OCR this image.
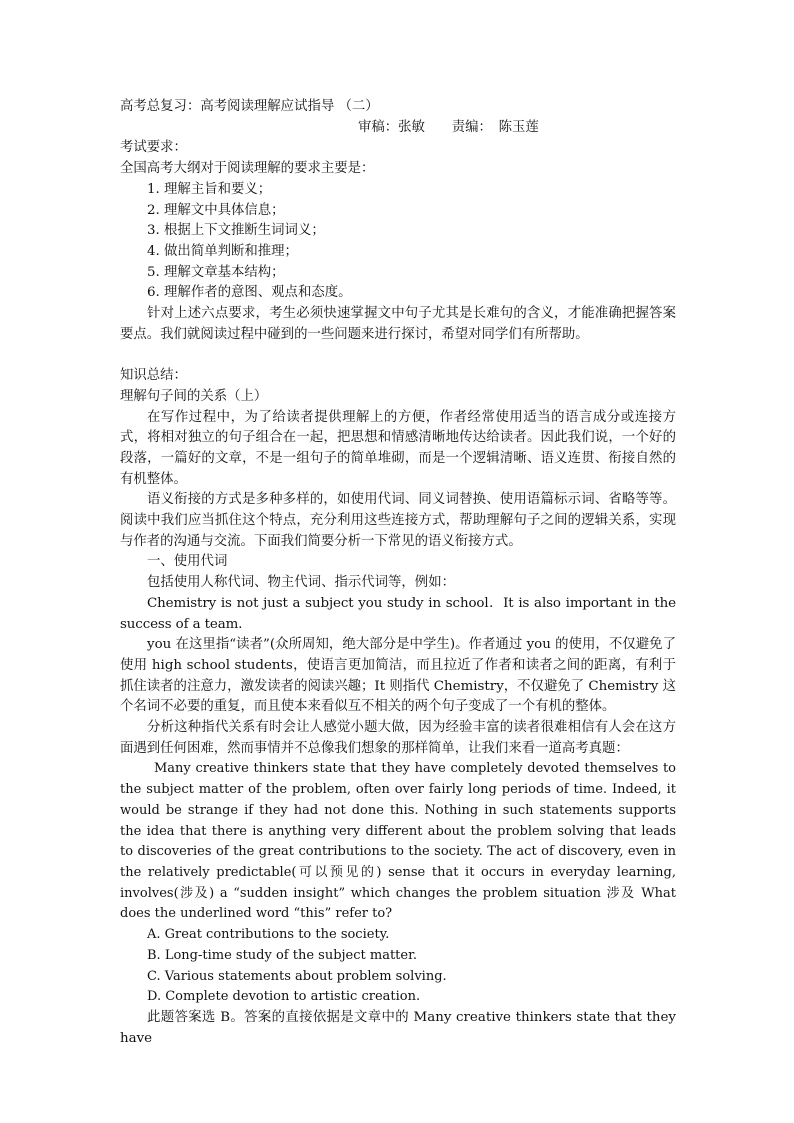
高考总复习：高考阅读理解应试指导 （二）
审稿：张敏　　责编：　陈玉莲
考试要求：
全国高考大纲对于阅读理解的要求主要是：
1. 理解主旨和要义；
2. 理解文中具体信息；
3. 根据上下文推断生词词义；
4. 做出简单判断和推理；
5. 理解文章基本结构；
6. 理解作者的意图、观点和态度。
针对上述六点要求，考生必须快速掌握文中句子尤其是长难句的含义，才能准确把握答案要点。我们就阅读过程中碰到的一些问题来进行探讨，希望对同学们有所帮助。
知识总结：
理解句子间的关系（上）
在写作过程中，为了给读者提供理解上的方便，作者经常使用适当的语言成分或连接方式，将相对独立的句子组合在一起，把思想和情感清晰地传达给读者。因此我们说，一个好的段落，一篇好的文章，不是一组句子的简单堆砌，而是一个逻辑清晰、语义连贯、衔接自然的有机整体。
语义衔接的方式是多种多样的，如使用代词、同义词替换、使用语篇标示词、省略等等。阅读中我们应当抓住这个特点，充分利用这些连接方式，帮助理解句子之间的逻辑关系，实现与作者的沟通与交流。下面我们简要分析一下常见的语义衔接方式。
一、使用代词
包括使用人称代词、物主代词、指示代词等，例如：
Chemistry is not just a subject you study in school．It is also important in the success of a team．
you 在这里指“读者”(众所周知，绝大部分是中学生)。作者通过 you 的使用，不仅避免了使用 high school students，使语言更加简洁，而且拉近了作者和读者之间的距离，有利于抓住读者的注意力，激发读者的阅读兴趣；It 则指代 Chemistry，不仅避免了 Chemistry 这个名词不必要的重复，而且使本来看似互不相关的两个句子变成了一个有机的整体。
分析这种指代关系有时会让人感觉小题大做，因为经验丰富的读者很难相信有人会在这方面遇到任何困难，然而事情并不总像我们想象的那样简单，让我们来看一道高考真题：
Many creative thinkers state that they have completely devoted themselves to the subject matter of the problem, often over fairly long periods of time. Indeed, it would be strange if they had not done this. Nothing in such statements supports the idea that there is anything very different about the problem solving that leads to discoveries of the great contributions to the society. The act of discovery, even in the relatively predictable(可以预见的) sense that it occurs in everyday learning, involves(涉及) a “sudden insight” which changes the problem situation 涉及 What does the underlined word “this” refer to?
A. Great contributions to the society.
B. Long-time study of the subject matter.
C. Various statements about problem solving.
D. Complete devotion to artistic creation.
此题答案选 B。答案的直接依据是文章中的 Many creative thinkers state that they have
